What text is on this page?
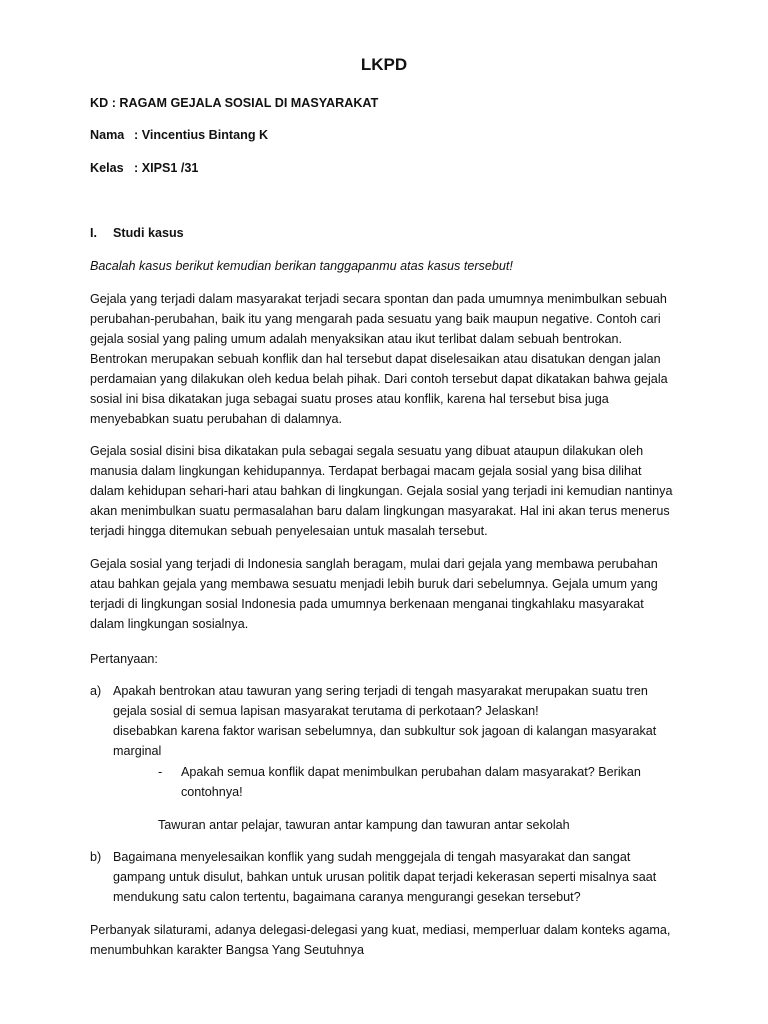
LKPD
KD : RAGAM GEJALA SOSIAL DI MASYARAKAT
Nama : Vincentius Bintang K
Kelas : XIPS1 /31
I. Studi kasus
Bacalah kasus berikut kemudian berikan tanggapanmu atas kasus tersebut!
Gejala yang terjadi dalam masyarakat terjadi secara spontan dan pada umumnya menimbulkan sebuah
perubahan-perubahan, baik itu yang mengarah pada sesuatu yang baik maupun negative. Contoh cari
gejala sosial yang paling umum adalah menyaksikan atau ikut terlibat dalam sebuah bentrokan.
Bentrokan merupakan sebuah konflik dan hal tersebut dapat diselesaikan atau disatukan dengan jalan
perdamaian yang dilakukan oleh kedua belah pihak. Dari contoh tersebut dapat dikatakan bahwa gejala
sosial ini bisa dikatakan juga sebagai suatu proses atau konflik, karena hal tersebut bisa juga
menyebabkan suatu perubahan di dalamnya.
Gejala sosial disini bisa dikatakan pula sebagai segala sesuatu yang dibuat ataupun dilakukan oleh
manusia dalam lingkungan kehidupannya. Terdapat berbagai macam gejala sosial yang bisa dilihat
dalam kehidupan sehari-hari atau bahkan di lingkungan. Gejala sosial yang terjadi ini kemudian nantinya
akan menimbulkan suatu permasalahan baru dalam lingkungan masyarakat. Hal ini akan terus menerus
terjadi hingga ditemukan sebuah penyelesaian untuk masalah tersebut.
Gejala sosial yang terjadi di Indonesia sanglah beragam, mulai dari gejala yang membawa perubahan
atau bahkan gejala yang membawa sesuatu menjadi lebih buruk dari sebelumnya. Gejala umum yang
terjadi di lingkungan sosial Indonesia pada umumnya berkenaan menganai tingkahlaku masyarakat
dalam lingkungan sosialnya.
Pertanyaan:
a) Apakah bentrokan atau tawuran yang sering terjadi di tengah masyarakat merupakan suatu tren
gejala sosial di semua lapisan masyarakat terutama di perkotaan? Jelaskan!
disebabkan karena faktor warisan sebelumnya, dan subkultur sok jagoan di kalangan masyarakat
marginal
- Apakah semua konflik dapat menimbulkan perubahan dalam masyarakat? Berikan
contohnya!
Tawuran antar pelajar, tawuran antar kampung dan tawuran antar sekolah
b) Bagaimana menyelesaikan konflik yang sudah menggejala di tengah masyarakat dan sangat
gampang untuk disulut, bahkan untuk urusan politik dapat terjadi kekerasan seperti misalnya saat
mendukung satu calon tertentu, bagaimana caranya mengurangi gesekan tersebut?
Perbanyak silaturami, adanya delegasi-delegasi yang kuat, mediasi, memperluar dalam konteks agama,
menumbuhkan karakter Bangsa Yang Seutuhnya
